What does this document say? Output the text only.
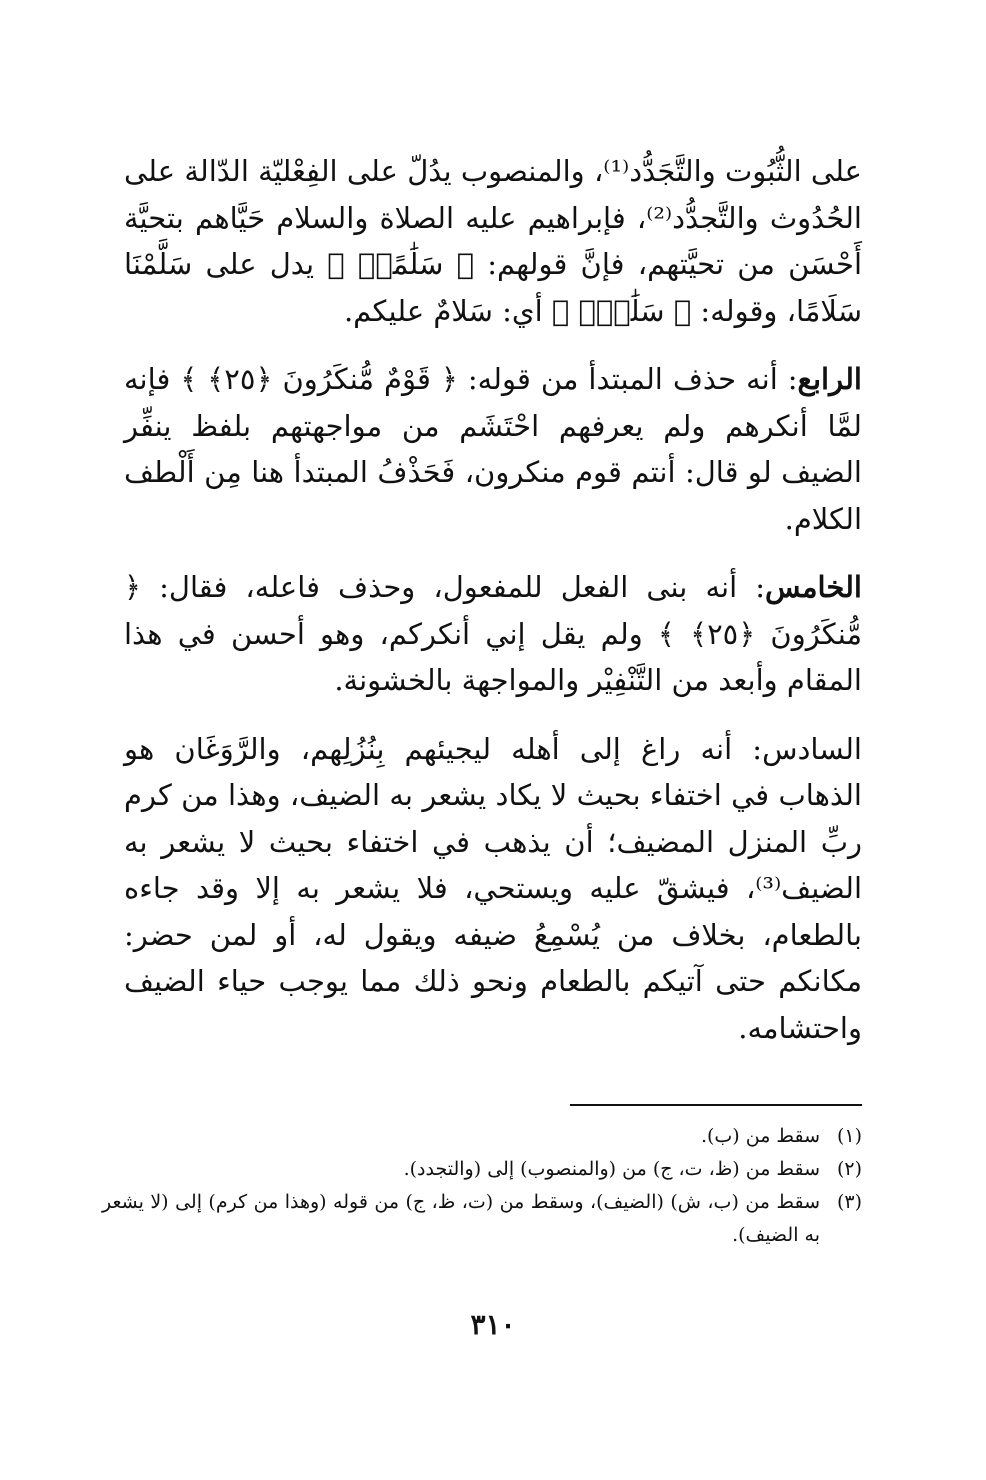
على الثُّبُوت والتَّجَدُّد⁽¹⁾، والمنصوب يدُلّ على الفِعْليّة الدّالة على الحُدُوث والتَّجدُّد⁽²⁾، فإبراهيم عليه الصلاة والسلام حَيَّاهم بتحيَّة أَحْسَن من تحيَّتهم، فإنَّ قولهم: ﴿ سَلَٰمًاۖ ﴾ يدل على سَلَّمْنَا سَلَامًا، وقوله: ﴿ سَلَٰمٌۖ ﴾ أي: سَلامٌ عليكم.

الرابع: أنه حذف المبتدأ من قوله: ﴿ قَوْمٌ مُّنكَرُونَ ﴿٢٥﴾ ﴾ فإنه لمَّا أنكرهم ولم يعرفهم احْتَشَم من مواجهتهم بلفظ ينفِّر الضيف لو قال: أنتم قوم منكرون، فَحَذْفُ المبتدأ هنا مِن أَلْطف الكلام.

الخامس: أنه بنى الفعل للمفعول، وحذف فاعله، فقال: ﴿ مُّنكَرُونَ ﴿٢٥﴾ ﴾ ولم يقل إني أنكركم، وهو أحسن في هذا المقام وأبعد من التَّنْفِيْر والمواجهة بالخشونة.

السادس: أنه راغ إلى أهله ليجيئهم بِنُزُلِهم، والرَّوَغَان هو الذهاب في اختفاء بحيث لا يكاد يشعر به الضيف، وهذا من كرم ربِّ المنزل المضيف؛ أن يذهب في اختفاء بحيث لا يشعر به الضيف⁽³⁾، فيشقّ عليه ويستحي، فلا يشعر به إلا وقد جاءه بالطعام، بخلاف من يُسْمِعُ ضيفه ويقول له، أو لمن حضر: مكانكم حتى آتيكم بالطعام ونحو ذلك مما يوجب حياء الضيف واحتشامه.

(١)
سقط من (ب).
(٢)
سقط من (ظ، ت، ج) من (والمنصوب) إلى (والتجدد).
(٣)
سقط من (ب، ش) (الضيف)، وسقط من (ت، ظ، ج) من قوله (وهذا من كرم) إلى (لا يشعر به الضيف).
٣١٠
